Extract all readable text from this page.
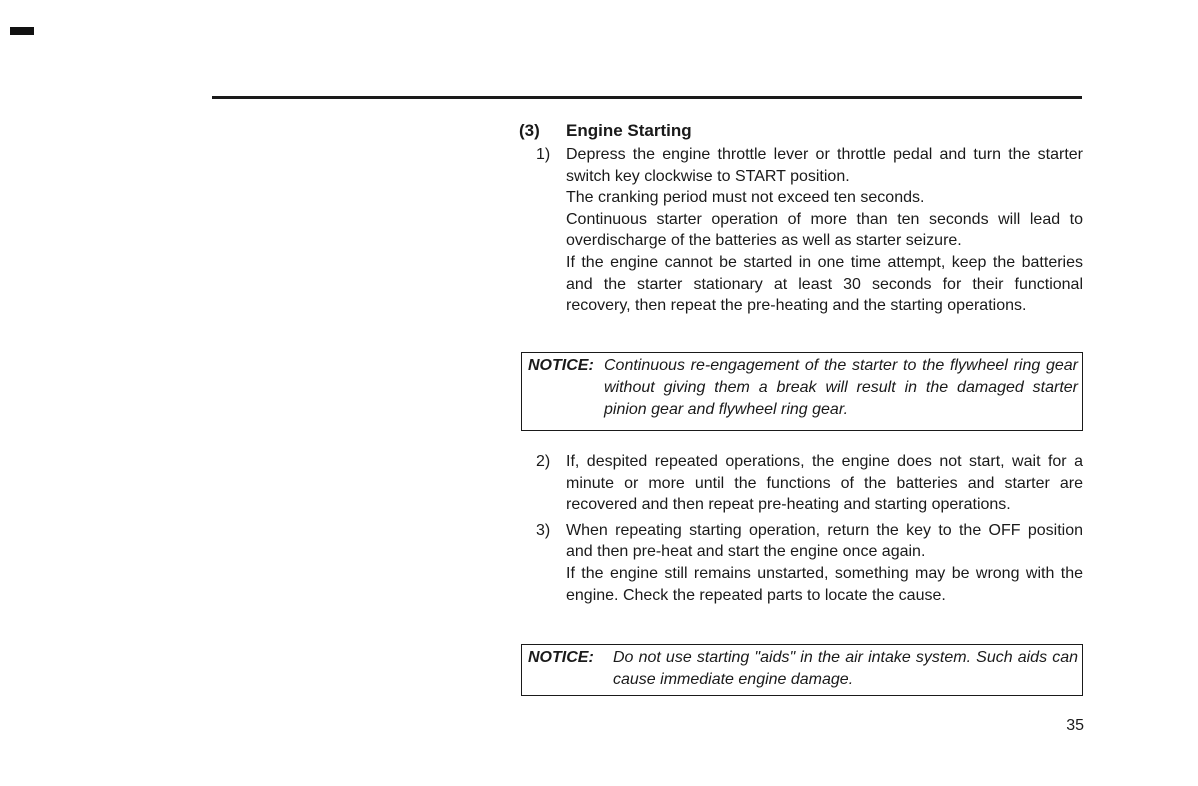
(3)	Engine Starting
1) Depress the engine throttle lever or throttle pedal and turn the starter switch key clockwise to START position.

The cranking period must not exceed ten seconds.

Continuous starter operation of more than ten seconds will lead to overdischarge of the batteries as well as starter seizure.

If the engine cannot be started in one time attempt, keep the batteries and the starter stationary at least 30 seconds for their functional recovery, then repeat the pre-heating and the starting operations.

NOTICE: Continuous re-engagement of the starter to the flywheel ring gear without giving them a break will result in the damaged starter pinion gear and flywheel ring gear.

2) If, despited repeated operations, the engine does not start, wait for a minute or more until the functions of the batteries and starter are recovered and then repeat pre-heating and starting operations.

3) When repeating starting operation, return the key to the OFF position and then pre-heat and start the engine once again.

If the engine still remains unstarted, something may be wrong with the engine. Check the repeated parts to locate the cause.

NOTICE:	Do not use starting "aids" in the air intake system. Such aids can cause immediate engine damage.

35
